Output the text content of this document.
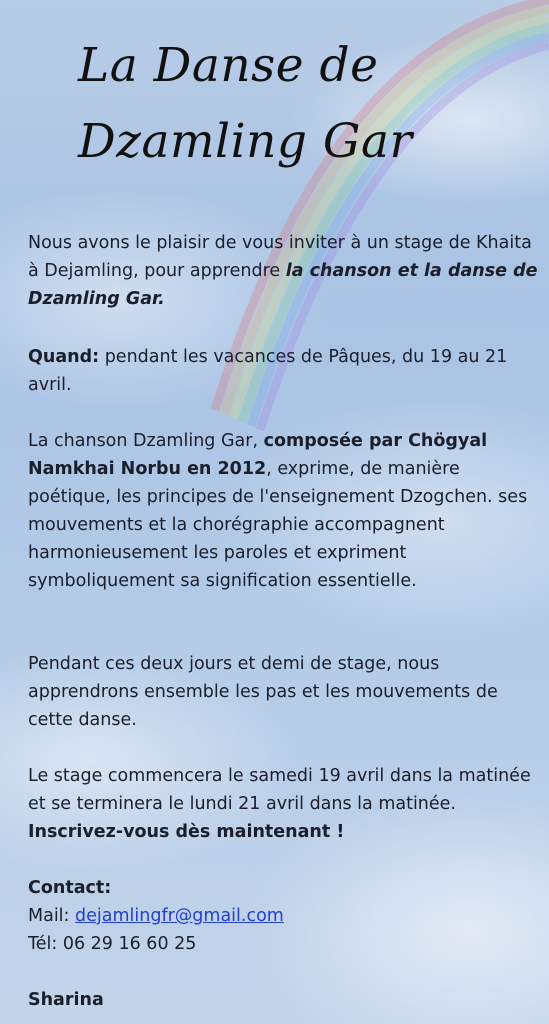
La Danse de Dzamling Gar

Nous avons le plaisir de vous inviter à un stage de Khaita à Dejamling, pour apprendre la chanson et la danse de Dzamling Gar.

Quand: pendant les vacances de Pâques, du 19 au 21 avril.

La chanson Dzamling Gar, composée par Chögyal Namkhai Norbu en 2012, exprime, de manière poétique, les principes de l'enseignement Dzogchen. ses mouvements et la chorégraphie accompagnent harmonieusement les paroles et expriment symboliquement sa signification essentielle.

Pendant ces deux jours et demi de stage, nous apprendrons ensemble les pas et les mouvements de cette danse.

Le stage commencera le samedi 19 avril dans la matinée et se terminera le lundi 21 avril dans la matinée. Inscrivez-vous dès maintenant !

Contact:
Mail: dejamlingfr@gmail.com
Tél: 06 29 16 60 25

Sharina
